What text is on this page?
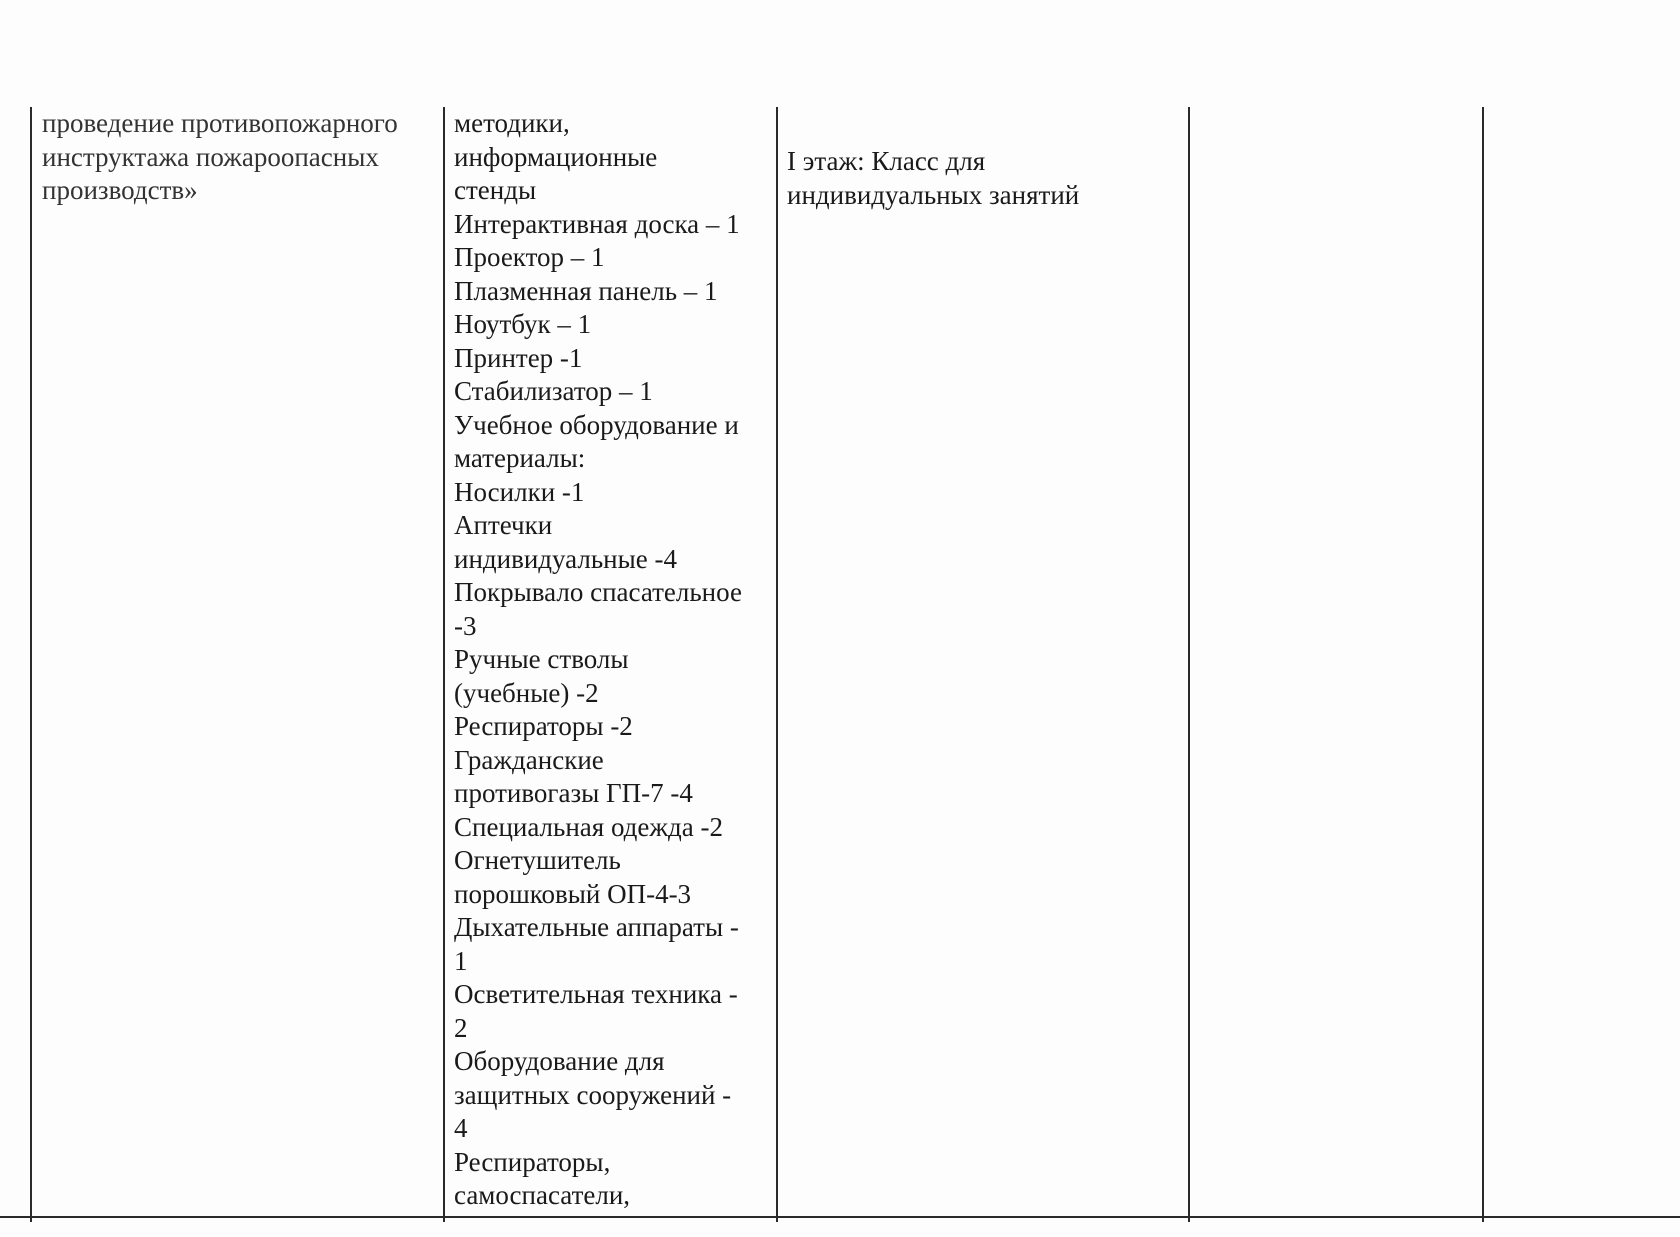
проведение противопожарного
инструктажа пожароопасных
производств»
методики,
информационные
стенды
Интерактивная доска – 1
Проектор – 1
Плазменная панель – 1
Ноутбук – 1
Принтер -1
Стабилизатор – 1
Учебное оборудование и
материалы:
Носилки -1
Аптечки
индивидуальные -4
Покрывало спасательное
-3
Ручные стволы
(учебные) -2
Респираторы -2
Гражданские
противогазы ГП-7 -4
Специальная одежда -2
Огнетушитель
порошковый ОП-4-3
Дыхательные аппараты -
1
Осветительная техника -
2
Оборудование для
защитных сооружений -
4
Респираторы,
самоспасатели,
I этаж: Класс для
индивидуальных занятий
